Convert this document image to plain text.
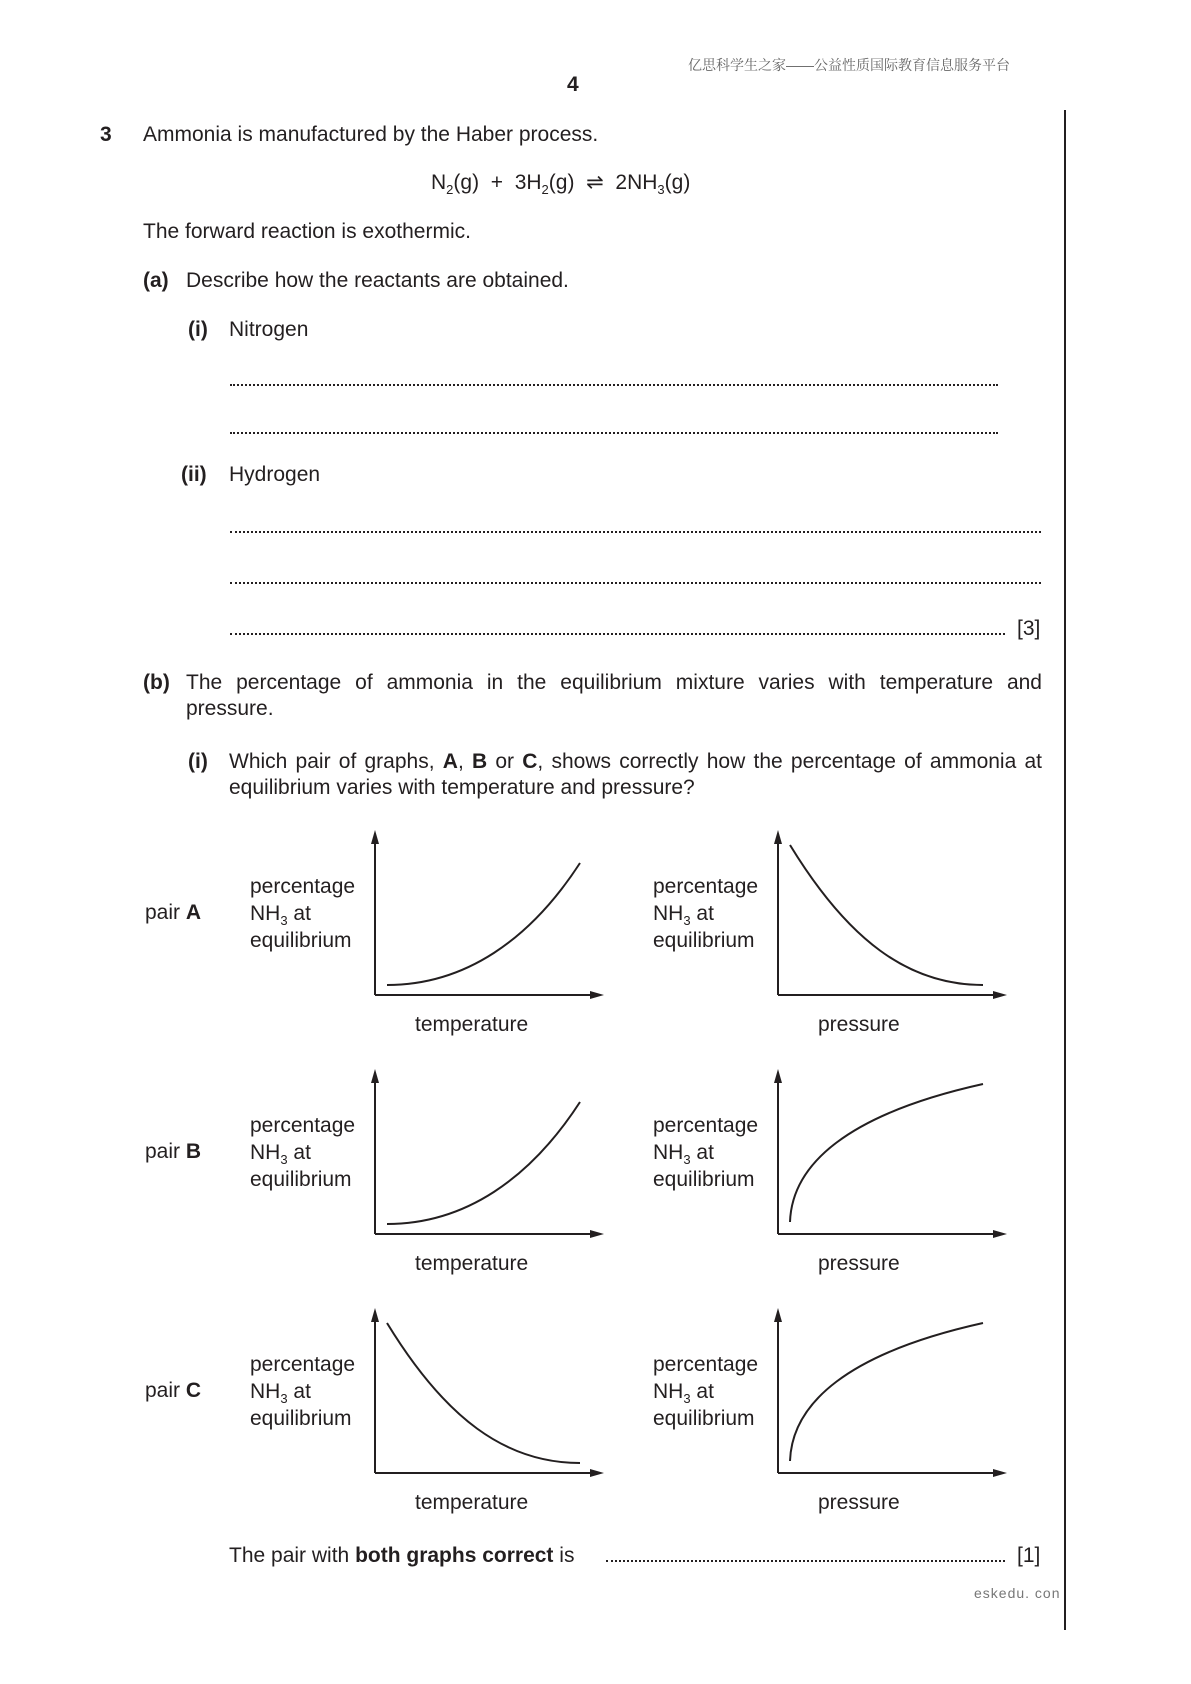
亿思科学生之家——公益性质国际教育信息服务平台
4
3 Ammonia is manufactured by the Haber process.
$N_2(g) + 3H_2(g)$ ⇌ $2NH_3(g)$
The forward reaction is exothermic.
(a) Describe how the reactants are obtained.
(i) Nitrogen
(ii) Hydrogen
[3]
(b) The percentage of ammonia in the equilibrium mixture varies with temperature and pressure.
(i) Which pair of graphs, A, B or C, shows correctly how the percentage of ammonia at equilibrium varies with temperature and pressure?
pair A
percentage
$NH_3$ at
equilibrium
temperature
percentage
$NH_3$ at
equilibrium
pressure
pair B
percentage
$NH_3$ at
equilibrium
temperature
percentage
$NH_3$ at
equilibrium
pressure
pair C
percentage
$NH_3$ at
equilibrium
temperature
percentage
$NH_3$ at
equilibrium
pressure
The pair with both graphs correct is	[1]
eskedu. con
